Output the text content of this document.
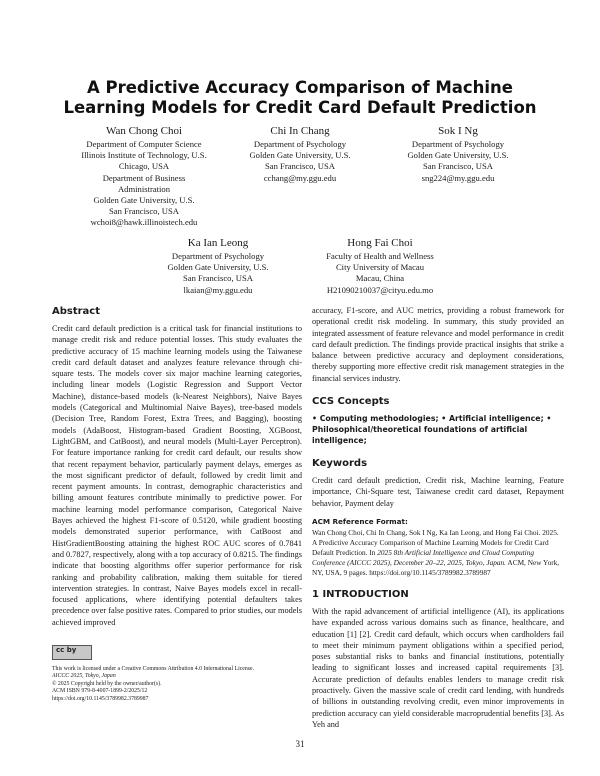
A Predictive Accuracy Comparison of Machine Learning Models for Credit Card Default Prediction
Wan Chong Choi
Department of Computer Science
Illinois Institute of Technology, U.S.
Chicago, USA
Department of Business
Administration
Golden Gate University, U.S.
San Francisco, USA
wchoi8@hawk.illinoistech.edu
Chi In Chang
Department of Psychology
Golden Gate University, U.S.
San Francisco, USA
cchang@my.ggu.edu
Sok I Ng
Department of Psychology
Golden Gate University, U.S.
San Francisco, USA
sng224@my.ggu.edu
Ka Ian Leong
Department of Psychology
Golden Gate University, U.S.
San Francisco, USA
lkaian@my.ggu.edu
Hong Fai Choi
Faculty of Health and Wellness
City University of Macau
Macau, China
H21090210037@cityu.edu.mo
Abstract

Credit card default prediction is a critical task for financial institutions to manage credit risk and reduce potential losses. This study evaluates the predictive accuracy of 15 machine learning models using the Taiwanese credit card default dataset and analyzes feature relevance through chi-square tests. The models cover six major machine learning categories, including linear models (Logistic Regression and Support Vector Machine), distance-based models (k-Nearest Neighbors), Naive Bayes models (Categorical and Multinomial Naive Bayes), tree-based models (Decision Tree, Random Forest, Extra Trees, and Bagging), boosting models (AdaBoost, Histogram-based Gradient Boosting, XGBoost, LightGBM, and CatBoost), and neural models (Multi-Layer Perceptron). For feature importance ranking for credit card default, our results show that recent repayment behavior, particularly payment delays, emerges as the most significant predictor of default, followed by credit limit and recent payment amounts. In contrast, demographic characteristics and billing amount features contribute minimally to predictive power. For machine learning model performance comparison, Categorical Naive Bayes achieved the highest F1-score of 0.5120, while gradient boosting models demonstrated superior performance, with CatBoost and HistGradientBoosting attaining the highest ROC AUC scores of 0.7841 and 0.7827, respectively, along with a top accuracy of 0.8215. The findings indicate that boosting algorithms offer superior performance for risk ranking and probability calibration, making them suitable for tiered intervention strategies. In contrast, Naive Bayes models excel in recall-focused applications, where identifying potential defaulters takes precedence over false positive rates. Compared to prior studies, our models achieved improved

cc by
This work is licensed under a Creative Commons Attribution 4.0 International License.
AICCC 2025, Tokyo, Japan
© 2025 Copyright held by the owner/author(s).
ACM ISBN 979-8-4007-1899-2/2025/12
https://doi.org/10.1145/3789982.3789987

accuracy, F1-score, and AUC metrics, providing a robust framework for operational credit risk modeling. In summary, this study provided an integrated assessment of feature relevance and model performance in credit card default prediction. The findings provide practical insights that strike a balance between predictive accuracy and deployment considerations, thereby supporting more effective credit risk management strategies in the financial services industry.

CCS Concepts

• Computing methodologies; • Artificial intelligence; • Philosophical/theoretical foundations of artificial intelligence;

Keywords

Credit card default prediction, Credit risk, Machine learning, Feature importance, Chi-Square test, Taiwanese credit card dataset, Repayment behavior, Payment delay

ACM Reference Format:

Wan Chong Choi, Chi In Chang, Sok I Ng, Ka Ian Leong, and Hong Fai Choi. 2025. A Predictive Accuracy Comparison of Machine Learning Models for Credit Card Default Prediction. In 2025 8th Artificial Intelligence and Cloud Computing Conference (AICCC 2025), December 20–22, 2025, Tokyo, Japan. ACM, New York, NY, USA, 9 pages. https://doi.org/10.1145/3789982.3789987

1 INTRODUCTION

With the rapid advancement of artificial intelligence (AI), its applications have expanded across various domains such as finance, healthcare, and education [1] [2]. Credit card default, which occurs when cardholders fail to meet their minimum payment obligations within a specified period, poses substantial risks to banks and financial institutions, potentially leading to significant losses and increased capital requirements [3]. Accurate prediction of defaults enables lenders to manage credit risk proactively. Given the massive scale of credit card lending, with hundreds of billions in outstanding revolving credit, even minor improvements in prediction accuracy can yield considerable macroprudential benefits [3]. As Yeh and

31
